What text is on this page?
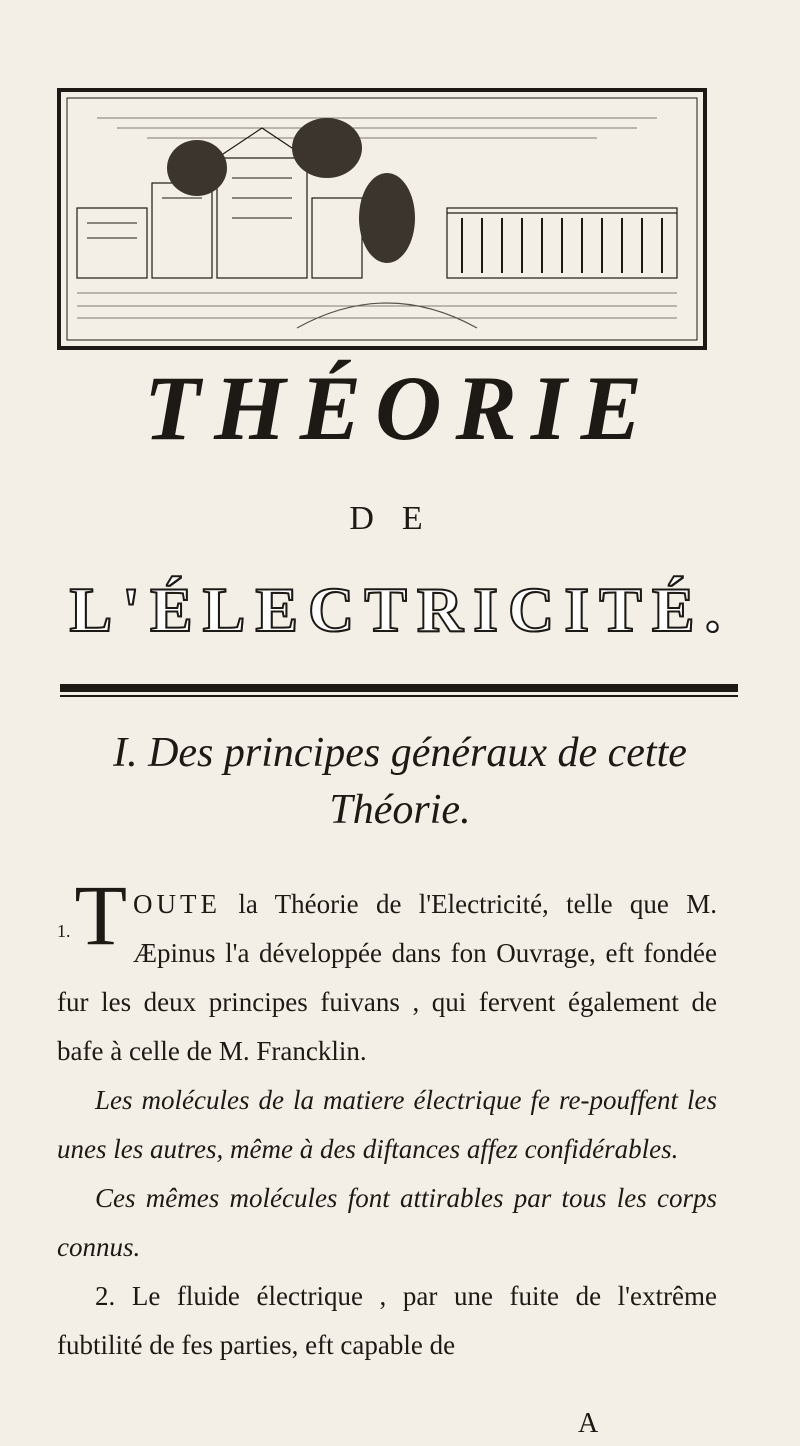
THÉORIE
DE
L'ÉLECTRICITÉ.
I. Des principes généraux de cette
Théorie.

1. T OUTE la Théorie de l'Electricité, telle que M. Æpinus l'a développée dans fon Ouvrage, eft fondée fur les deux principes fuivans , qui fervent également de bafe à celle de M. Francklin.

Les molécules de la matiere électrique fe re-pouffent les unes les autres, même à des diftances affez confidérables.

Ces mêmes molécules font attirables par tous les corps connus.

2. Le fluide électrique , par une fuite de l'extrême fubtilité de fes parties, eft capable de

A
